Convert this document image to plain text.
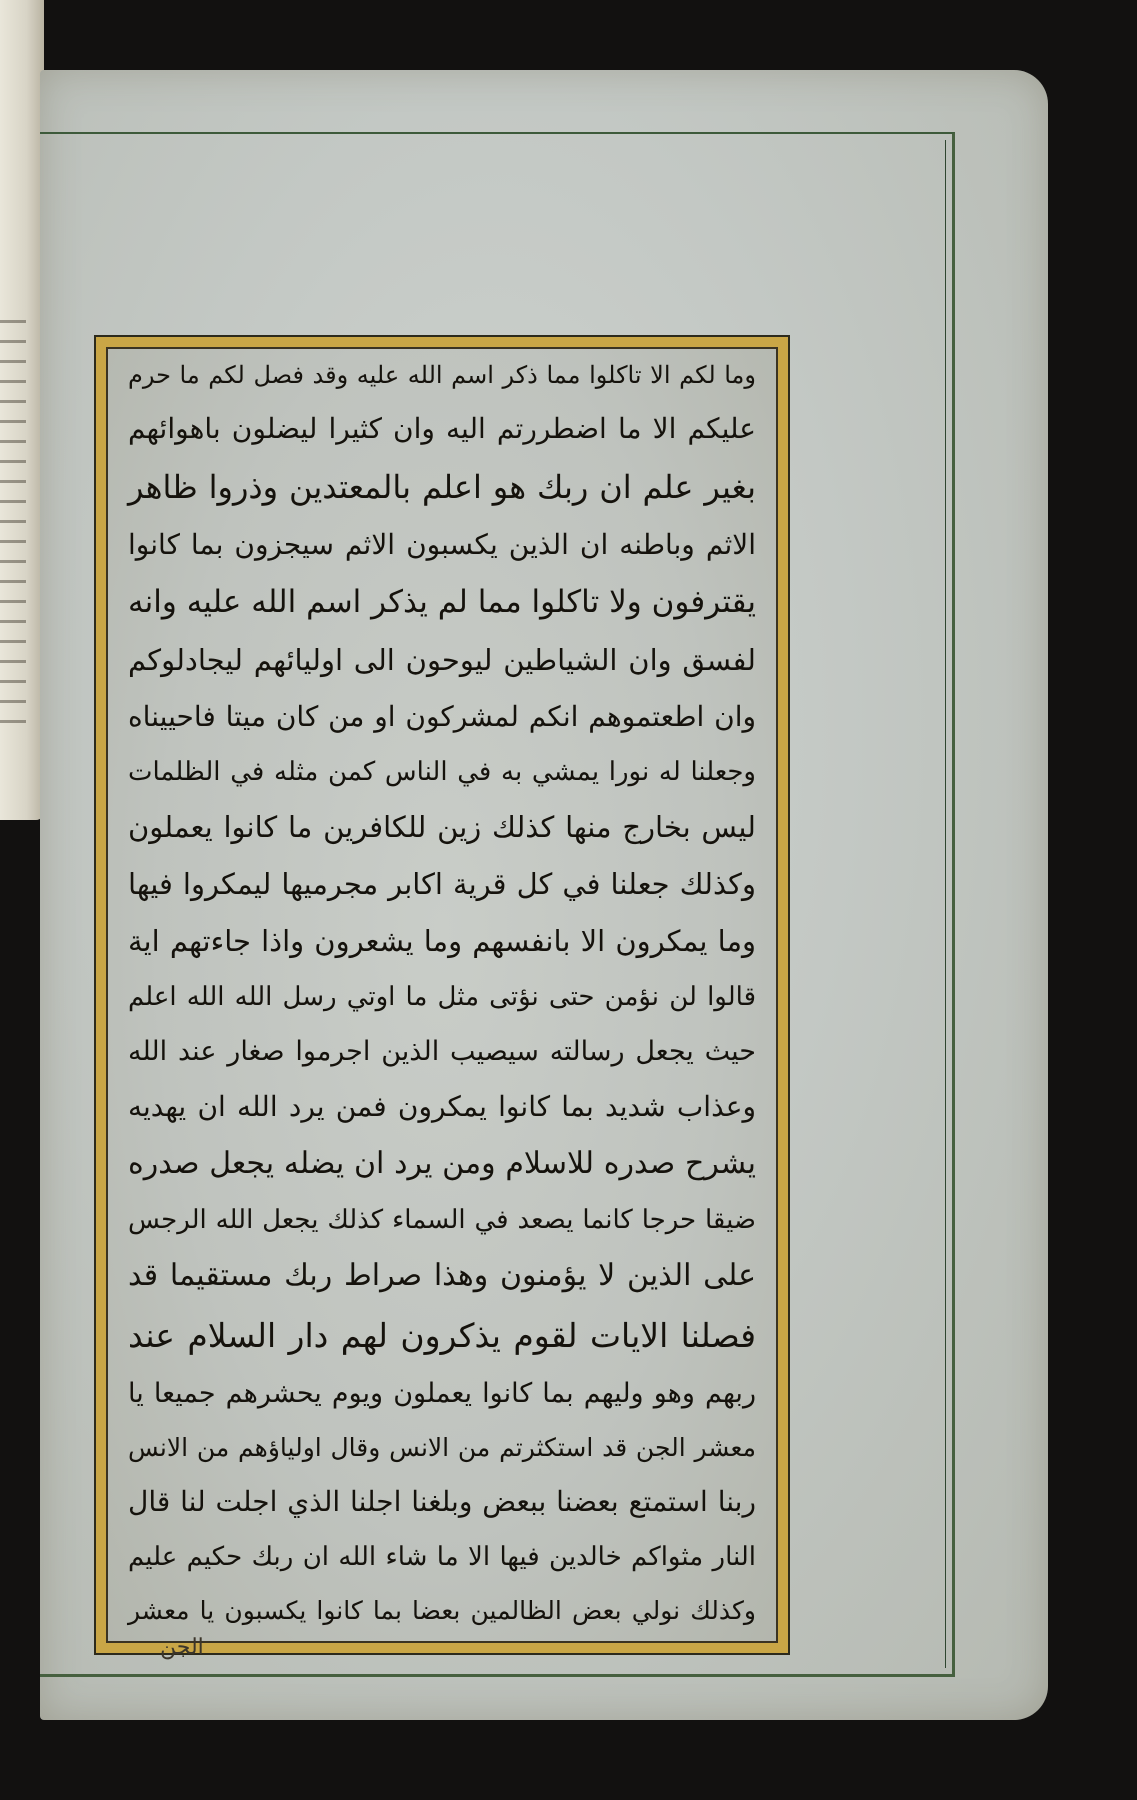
وما لكم الا تاكلوا مما ذكر اسم الله عليه وقد فصل لكم ما حرم
عليكم الا ما اضطررتم اليه وان كثيرا ليضلون باهوائهم
بغير علم ان ربك هو اعلم بالمعتدين وذروا ظاهر
الاثم وباطنه ان الذين يكسبون الاثم سيجزون بما كانوا
يقترفون ولا تاكلوا مما لم يذكر اسم الله عليه وانه
لفسق وان الشياطين ليوحون الى اوليائهم ليجادلوكم
وان اطعتموهم انكم لمشركون او من كان ميتا فاحييناه
وجعلنا له نورا يمشي به في الناس كمن مثله في الظلمات
ليس بخارج منها كذلك زين للكافرين ما كانوا يعملون
وكذلك جعلنا في كل قرية اكابر مجرميها ليمكروا فيها
وما يمكرون الا بانفسهم وما يشعرون واذا جاءتهم اية
قالوا لن نؤمن حتى نؤتى مثل ما اوتي رسل الله الله اعلم
حيث يجعل رسالته سيصيب الذين اجرموا صغار عند الله
وعذاب شديد بما كانوا يمكرون فمن يرد الله ان يهديه
يشرح صدره للاسلام ومن يرد ان يضله يجعل صدره
ضيقا حرجا كانما يصعد في السماء كذلك يجعل الله الرجس
على الذين لا يؤمنون وهذا صراط ربك مستقيما قد
فصلنا الايات لقوم يذكرون لهم دار السلام عند
ربهم وهو وليهم بما كانوا يعملون ويوم يحشرهم جميعا يا
معشر الجن قد استكثرتم من الانس وقال اولياؤهم من الانس
ربنا استمتع بعضنا ببعض وبلغنا اجلنا الذي اجلت لنا قال
النار مثواكم خالدين فيها الا ما شاء الله ان ربك حكيم عليم
وكذلك نولي بعض الظالمين بعضا بما كانوا يكسبون يا معشر
الجن
